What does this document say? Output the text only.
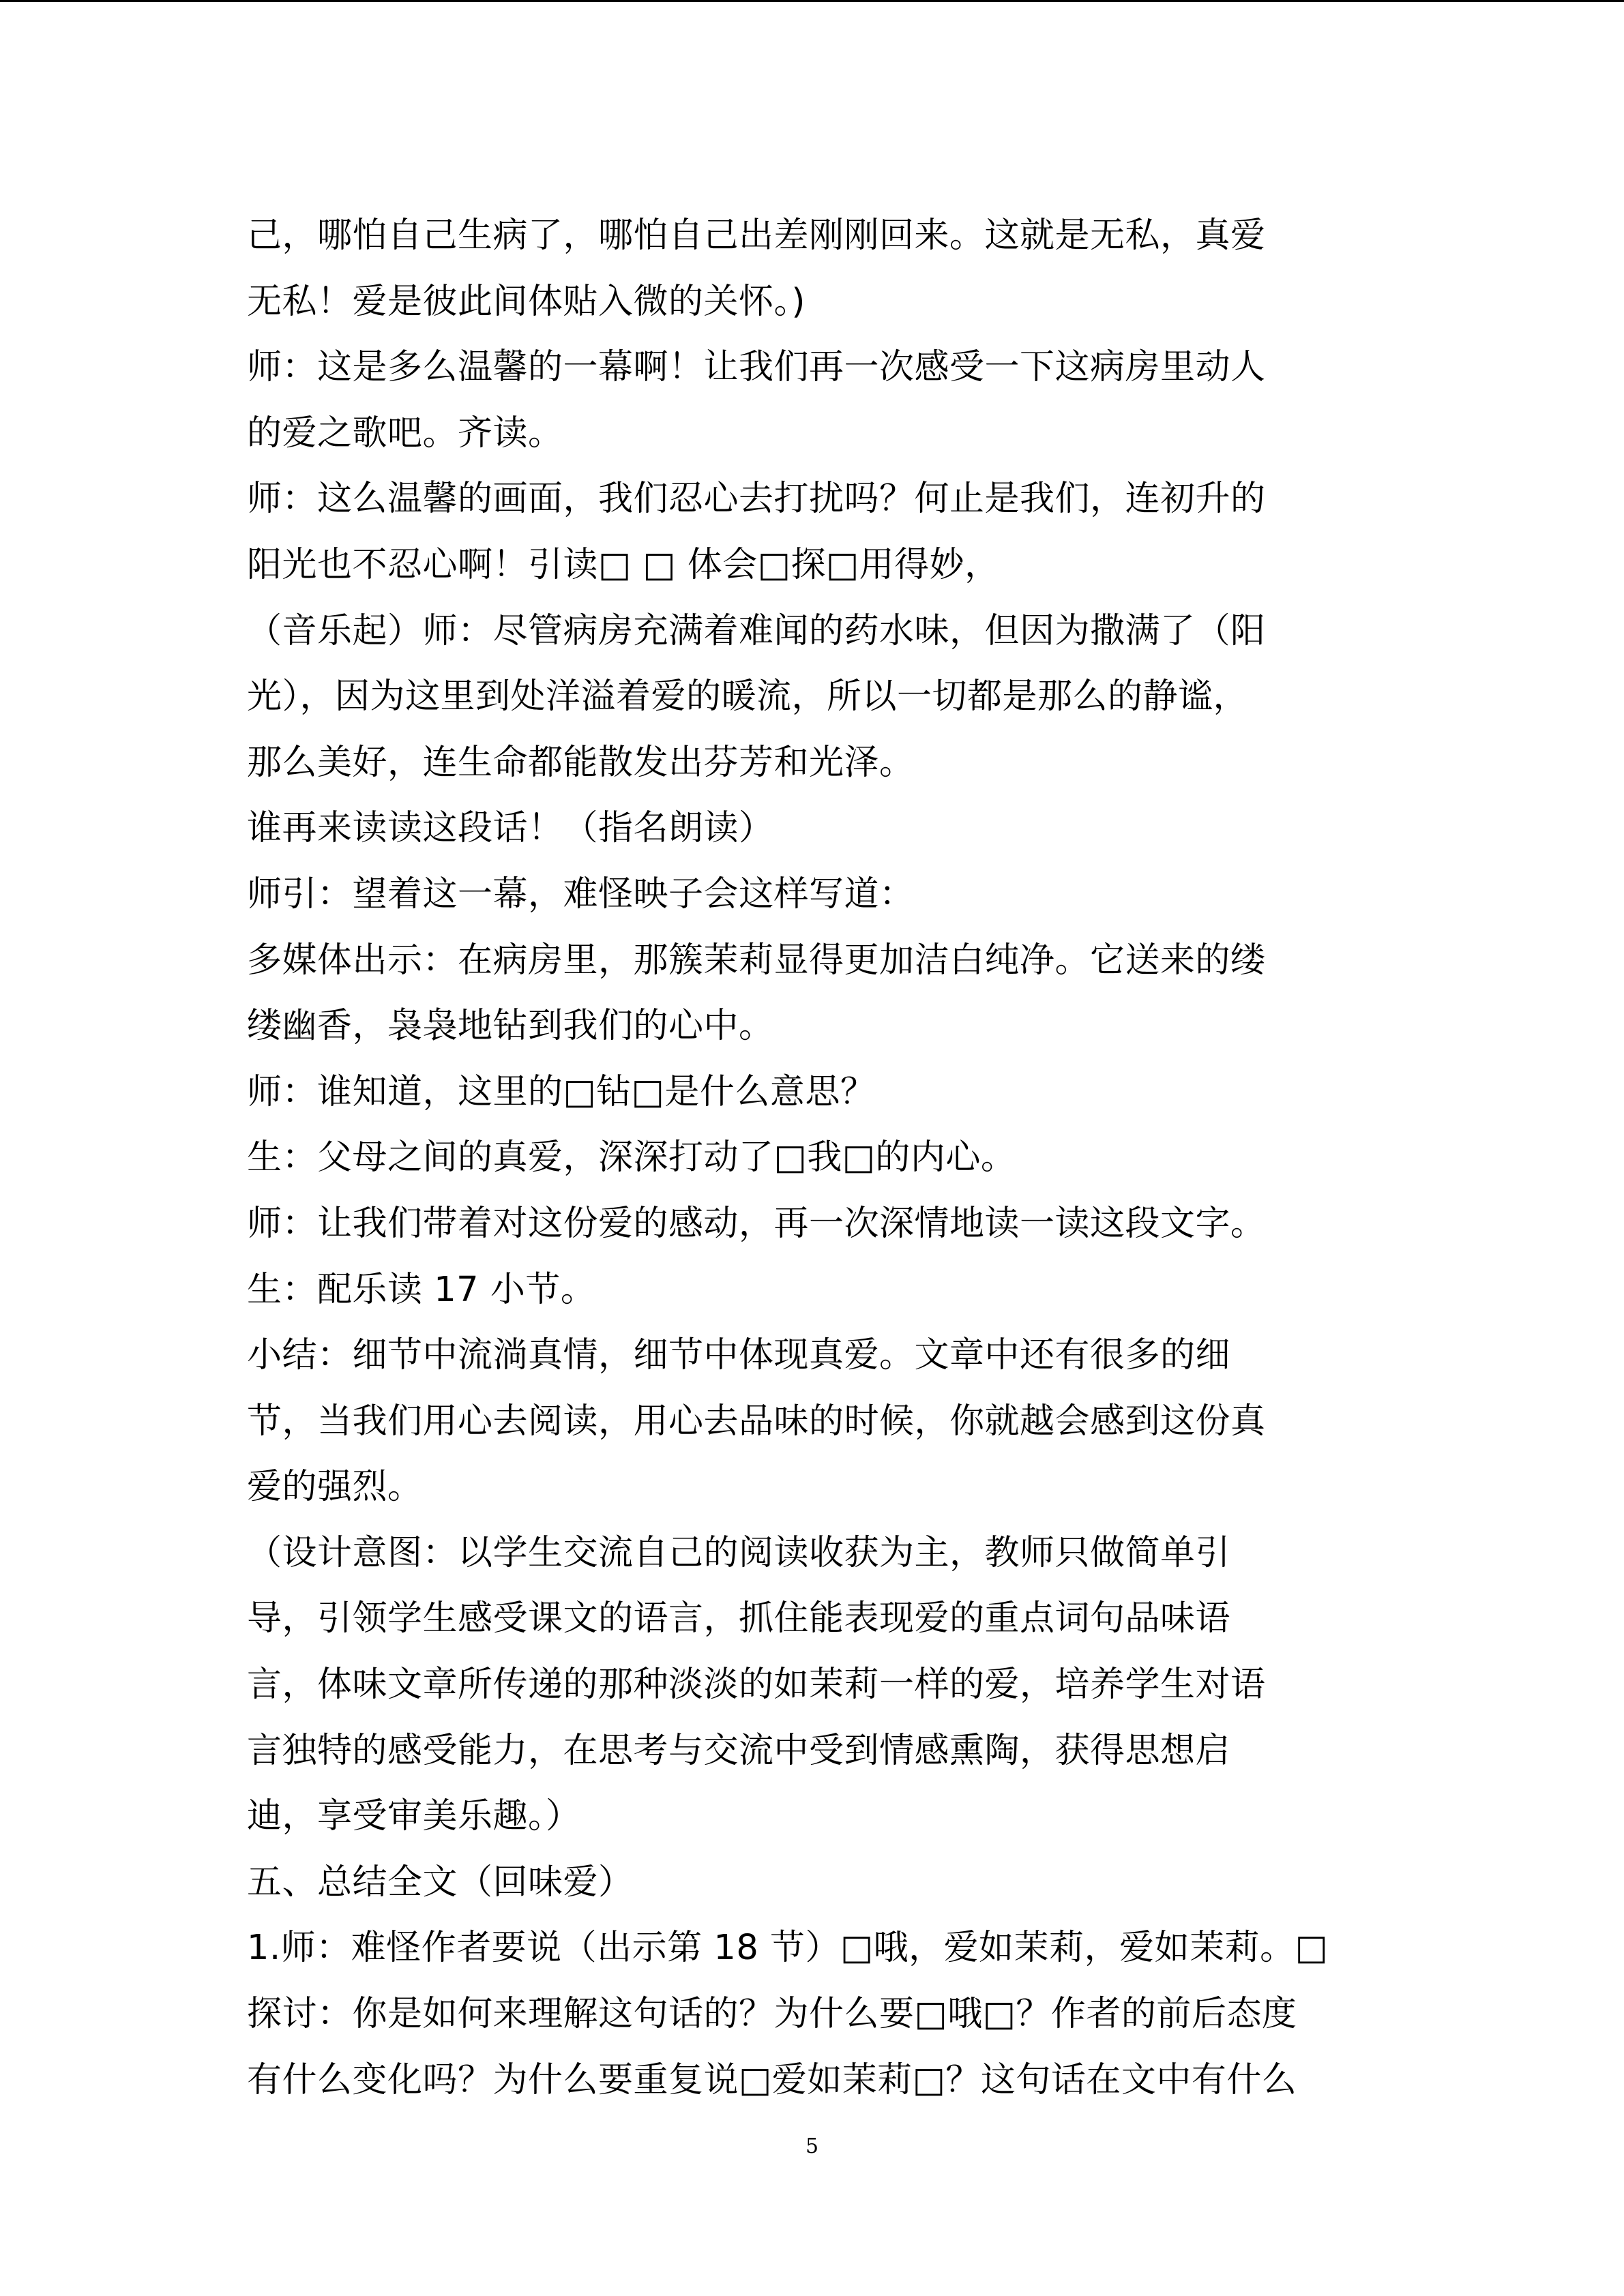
己，哪怕自己生病了，哪怕自己出差刚刚回来。这就是无私，真爱
无私！爱是彼此间体贴入微的关怀。)
师：这是多么温馨的一幕啊！让我们再一次感受一下这病房里动人
的爱之歌吧。齐读。
师：这么温馨的画面，我们忍心去打扰吗？何止是我们，连初升的
阳光也不忍心啊！引读□ □ 体会□探□用得妙，
（音乐起）师：尽管病房充满着难闻的药水味，但因为撒满了（阳
光），因为这里到处洋溢着爱的暖流，所以一切都是那么的静谧，
那么美好，连生命都能散发出芬芳和光泽。
谁再来读读这段话！（指名朗读）
师引：望着这一幕，难怪映子会这样写道：
多媒体出示：在病房里，那簇茉莉显得更加洁白纯净。它送来的缕
缕幽香，袅袅地钻到我们的心中。
师：谁知道，这里的□钻□是什么意思？
生：父母之间的真爱，深深打动了□我□的内心。
师：让我们带着对这份爱的感动，再一次深情地读一读这段文字。
生：配乐读 17 小节。
小结：细节中流淌真情，细节中体现真爱。文章中还有很多的细
节，当我们用心去阅读，用心去品味的时候，你就越会感到这份真
爱的强烈。
（设计意图：以学生交流自己的阅读收获为主，教师只做简单引
导，引领学生感受课文的语言，抓住能表现爱的重点词句品味语
言，体味文章所传递的那种淡淡的如茉莉一样的爱，培养学生对语
言独特的感受能力，在思考与交流中受到情感熏陶，获得思想启
迪，享受审美乐趣。）
五、总结全文（回味爱）
1.师：难怪作者要说（出示第 18 节）□哦，爱如茉莉，爱如茉莉。□
探讨：你是如何来理解这句话的？为什么要□哦□？作者的前后态度
有什么变化吗？为什么要重复说□爱如茉莉□？这句话在文中有什么
5
